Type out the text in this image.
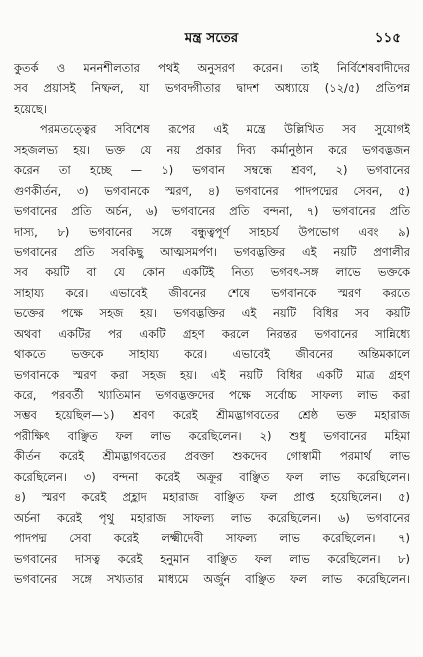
মন্ত্র সতের	১১৫
কুতর্ক ও মননশীলতার পথই অনুসরণ করেন। তাই নির্বিশেষবাদীদের
সব প্রয়াসই নিষ্ফল, যা ভগবদ্গীতার দ্বাদশ অধ্যায়ে (১২/৫) প্রতিপন্ন
হয়েছে।
পরমতত্ত্বের সবিশেষ রূপের এই মন্ত্রে উল্লিখিত সব সুযোগই
সহজলভ্য হয়। ভক্ত যে নয় প্রকার দিব্য কর্মানুষ্ঠান করে ভগবদ্ভজন
করেন তা হচ্ছে — ১) ভগবান সম্বন্ধে শ্রবণ, ২) ভগবানের
গুণকীর্তন, ৩) ভগবানকে স্মরণ, ৪) ভগবানের পাদপদ্মের সেবন, ৫)
ভগবানের প্রতি অর্চন, ৬) ভগবানের প্রতি বন্দনা, ৭) ভগবানের প্রতি
দাস্য, ৮) ভগবানের সঙ্গে বন্ধুত্বপূর্ণ সাহচর্য উপভোগ এবং ৯)
ভগবানের প্রতি সবকিছু আত্মসমর্পণ। ভগবদ্ভক্তির এই নয়টি প্রণালীর
সব কয়টি বা যে কোন একটিই নিত্য ভগবৎ-সঙ্গ লাভে ভক্তকে
সাহায্য করে। এভাবেই জীবনের শেষে ভগবানকে স্মরণ করতে
ভক্তের পক্ষে সহজ হয়। ভগবদ্ভক্তির এই নয়টি বিধির সব কয়টি
অথবা একটির পর একটি গ্রহণ করলে নিরন্তর ভগবানের সান্নিধ্যে
থাকতে ভক্তকে সাহায্য করে। এভাবেই জীবনের অন্তিমকালে
ভগবানকে স্মরণ করা সহজ হয়। এই নয়টি বিধির একটি মাত্র গ্রহণ
করে, পরবর্তী খ্যাতিমান ভগবদ্ভক্তদের পক্ষে সর্বোচ্চ সাফল্য লাভ করা
সম্ভব হয়েছিল—১) শ্রবণ করেই শ্রীমদ্ভাগবতের শ্রেষ্ঠ ভক্ত মহারাজ
পরীক্ষিৎ বাঞ্ছিত ফল লাভ করেছিলেন। ২) শুধু ভগবানের মহিমা
কীর্তন করেই শ্রীমদ্ভাগবতের প্রবক্তা শুকদেব গোস্বামী পরমার্থ লাভ
করেছিলেন। ৩) বন্দনা করেই অক্রূর বাঞ্ছিত ফল লাভ করেছিলেন।
৪) স্মরণ করেই প্রহ্লাদ মহারাজ বাঞ্ছিত ফল প্রাপ্ত হয়েছিলেন। ৫)
অর্চনা করেই পৃথু মহারাজ সাফল্য লাভ করেছিলেন। ৬) ভগবানের
পাদপদ্ম সেবা করেই লক্ষ্মীদেবী সাফল্য লাভ করেছিলেন। ৭)
ভগবানের দাসত্ব করেই হনুমান বাঞ্ছিত ফল লাভ করেছিলেন। ৮)
ভগবানের সঙ্গে সখ্যতার মাধ্যমে অর্জুন বাঞ্ছিত ফল লাভ করেছিলেন।
